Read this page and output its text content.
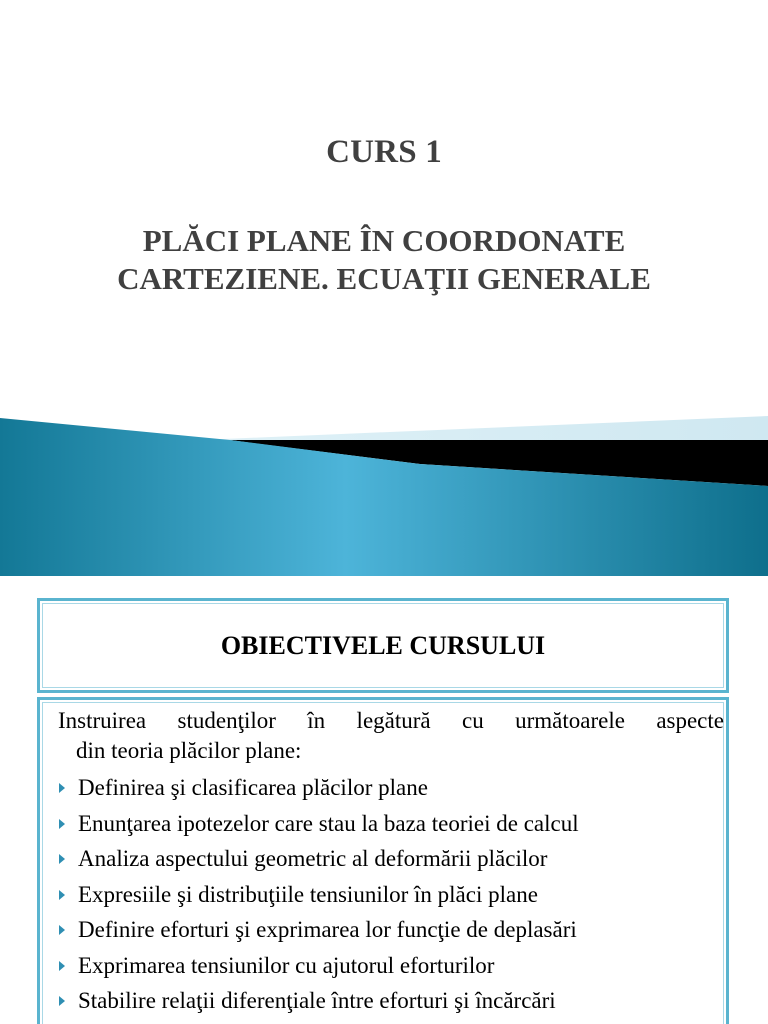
CURS 1
PLĂCI PLANE ÎN COORDONATE
CARTEZIENE. ECUAŢII GENERALE
OBIECTIVELE CURSULUI
Instruirea studenţilor în legătură cu următoarele aspecte
din teoria plăcilor plane:
Definirea şi clasificarea plăcilor plane
Enunţarea ipotezelor care stau la baza teoriei de calcul
Analiza aspectului geometric al deformării plăcilor
Expresiile şi distribuţiile tensiunilor în plăci plane
Definire eforturi şi exprimarea lor funcţie de deplasări
Exprimarea tensiunilor cu ajutorul eforturilor
Stabilire relaţii diferenţiale între eforturi şi încărcări
